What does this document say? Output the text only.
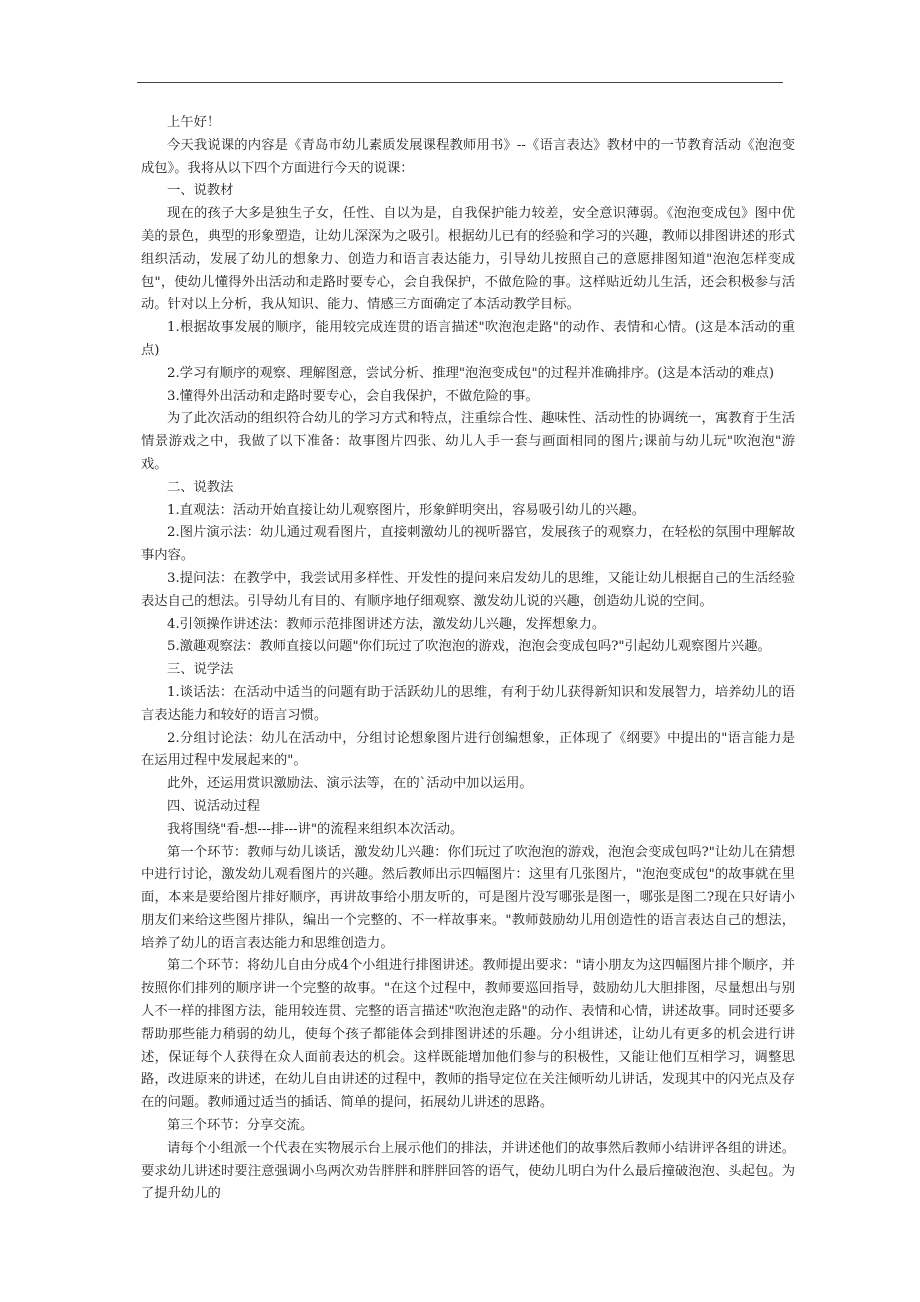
上午好！

今天我说课的内容是《青岛市幼儿素质发展课程教师用书》--《语言表达》教材中的一节教育活动《泡泡变成包》。我将从以下四个方面进行今天的说课：

一、说教材

现在的孩子大多是独生子女，任性、自以为是，自我保护能力较差，安全意识薄弱。《泡泡变成包》图中优美的景色，典型的形象塑造，让幼儿深深为之吸引。根据幼儿已有的经验和学习的兴趣，教师以排图讲述的形式组织活动，发展了幼儿的想象力、创造力和语言表达能力，引导幼儿按照自己的意愿排图知道"泡泡怎样变成包"，使幼儿懂得外出活动和走路时要专心，会自我保护，不做危险的事。这样贴近幼儿生活，还会积极参与活动。针对以上分析，我从知识、能力、情感三方面确定了本活动教学目标。

1.根据故事发展的顺序，能用较完成连贯的语言描述"吹泡泡走路"的动作、表情和心情。(这是本活动的重点)

2.学习有顺序的观察、理解图意，尝试分析、推理"泡泡变成包"的过程并准确排序。(这是本活动的难点)

3.懂得外出活动和走路时要专心，会自我保护，不做危险的事。

为了此次活动的组织符合幼儿的学习方式和特点，注重综合性、趣味性、活动性的协调统一，寓教育于生活情景游戏之中，我做了以下准备：故事图片四张、幼儿人手一套与画面相同的图片;课前与幼儿玩"吹泡泡"游戏。

二、说教法

1.直观法：活动开始直接让幼儿观察图片，形象鲜明突出，容易吸引幼儿的兴趣。

2.图片演示法：幼儿通过观看图片，直接刺激幼儿的视听器官，发展孩子的观察力，在轻松的氛围中理解故事内容。

3.提问法：在教学中，我尝试用多样性、开发性的提问来启发幼儿的思维，又能让幼儿根据自己的生活经验表达自己的想法。引导幼儿有目的、有顺序地仔细观察、激发幼儿说的兴趣，创造幼儿说的空间。

4.引领操作讲述法：教师示范排图讲述方法，激发幼儿兴趣，发挥想象力。

5.激趣观察法：教师直接以问题"你们玩过了吹泡泡的游戏，泡泡会变成包吗?"引起幼儿观察图片兴趣。

三、说学法

1.谈话法：在活动中适当的问题有助于活跃幼儿的思维，有利于幼儿获得新知识和发展智力，培养幼儿的语言表达能力和较好的语言习惯。

2.分组讨论法：幼儿在活动中，分组讨论想象图片进行创编想象，正体现了《纲要》中提出的"语言能力是在运用过程中发展起来的"。

此外，还运用赏识激励法、演示法等，在的`活动中加以运用。

四、说活动过程

我将围绕"看-想---排---讲"的流程来组织本次活动。

第一个环节：教师与幼儿谈话，激发幼儿兴趣：你们玩过了吹泡泡的游戏，泡泡会变成包吗?"让幼儿在猜想中进行讨论，激发幼儿观看图片的兴趣。然后教师出示四幅图片：这里有几张图片，"泡泡变成包"的故事就在里面，本来是要给图片排好顺序，再讲故事给小朋友听的，可是图片没写哪张是图一，哪张是图二?现在只好请小朋友们来给这些图片排队，编出一个完整的、不一样故事来。"教师鼓励幼儿用创造性的语言表达自己的想法，培养了幼儿的语言表达能力和思维创造力。

第二个环节：将幼儿自由分成4个小组进行排图讲述。教师提出要求："请小朋友为这四幅图片排个顺序，并按照你们排列的顺序讲一个完整的故事。"在这个过程中，教师要巡回指导，鼓励幼儿大胆排图，尽量想出与别人不一样的排图方法，能用较连贯、完整的语言描述"吹泡泡走路"的动作、表情和心情，讲述故事。同时还要多帮助那些能力稍弱的幼儿，使每个孩子都能体会到排图讲述的乐趣。分小组讲述，让幼儿有更多的机会进行讲述，保证每个人获得在众人面前表达的机会。这样既能增加他们参与的积极性，又能让他们互相学习，调整思路，改进原来的讲述，在幼儿自由讲述的过程中，教师的指导定位在关注倾听幼儿讲话，发现其中的闪光点及存在的问题。教师通过适当的插话、简单的提问，拓展幼儿讲述的思路。

第三个环节：分享交流。

请每个小组派一个代表在实物展示台上展示他们的排法，并讲述他们的故事然后教师小结讲评各组的讲述。要求幼儿讲述时要注意强调小鸟两次劝告胖胖和胖胖回答的语气，使幼儿明白为什么最后撞破泡泡、头起包。为了提升幼儿的
